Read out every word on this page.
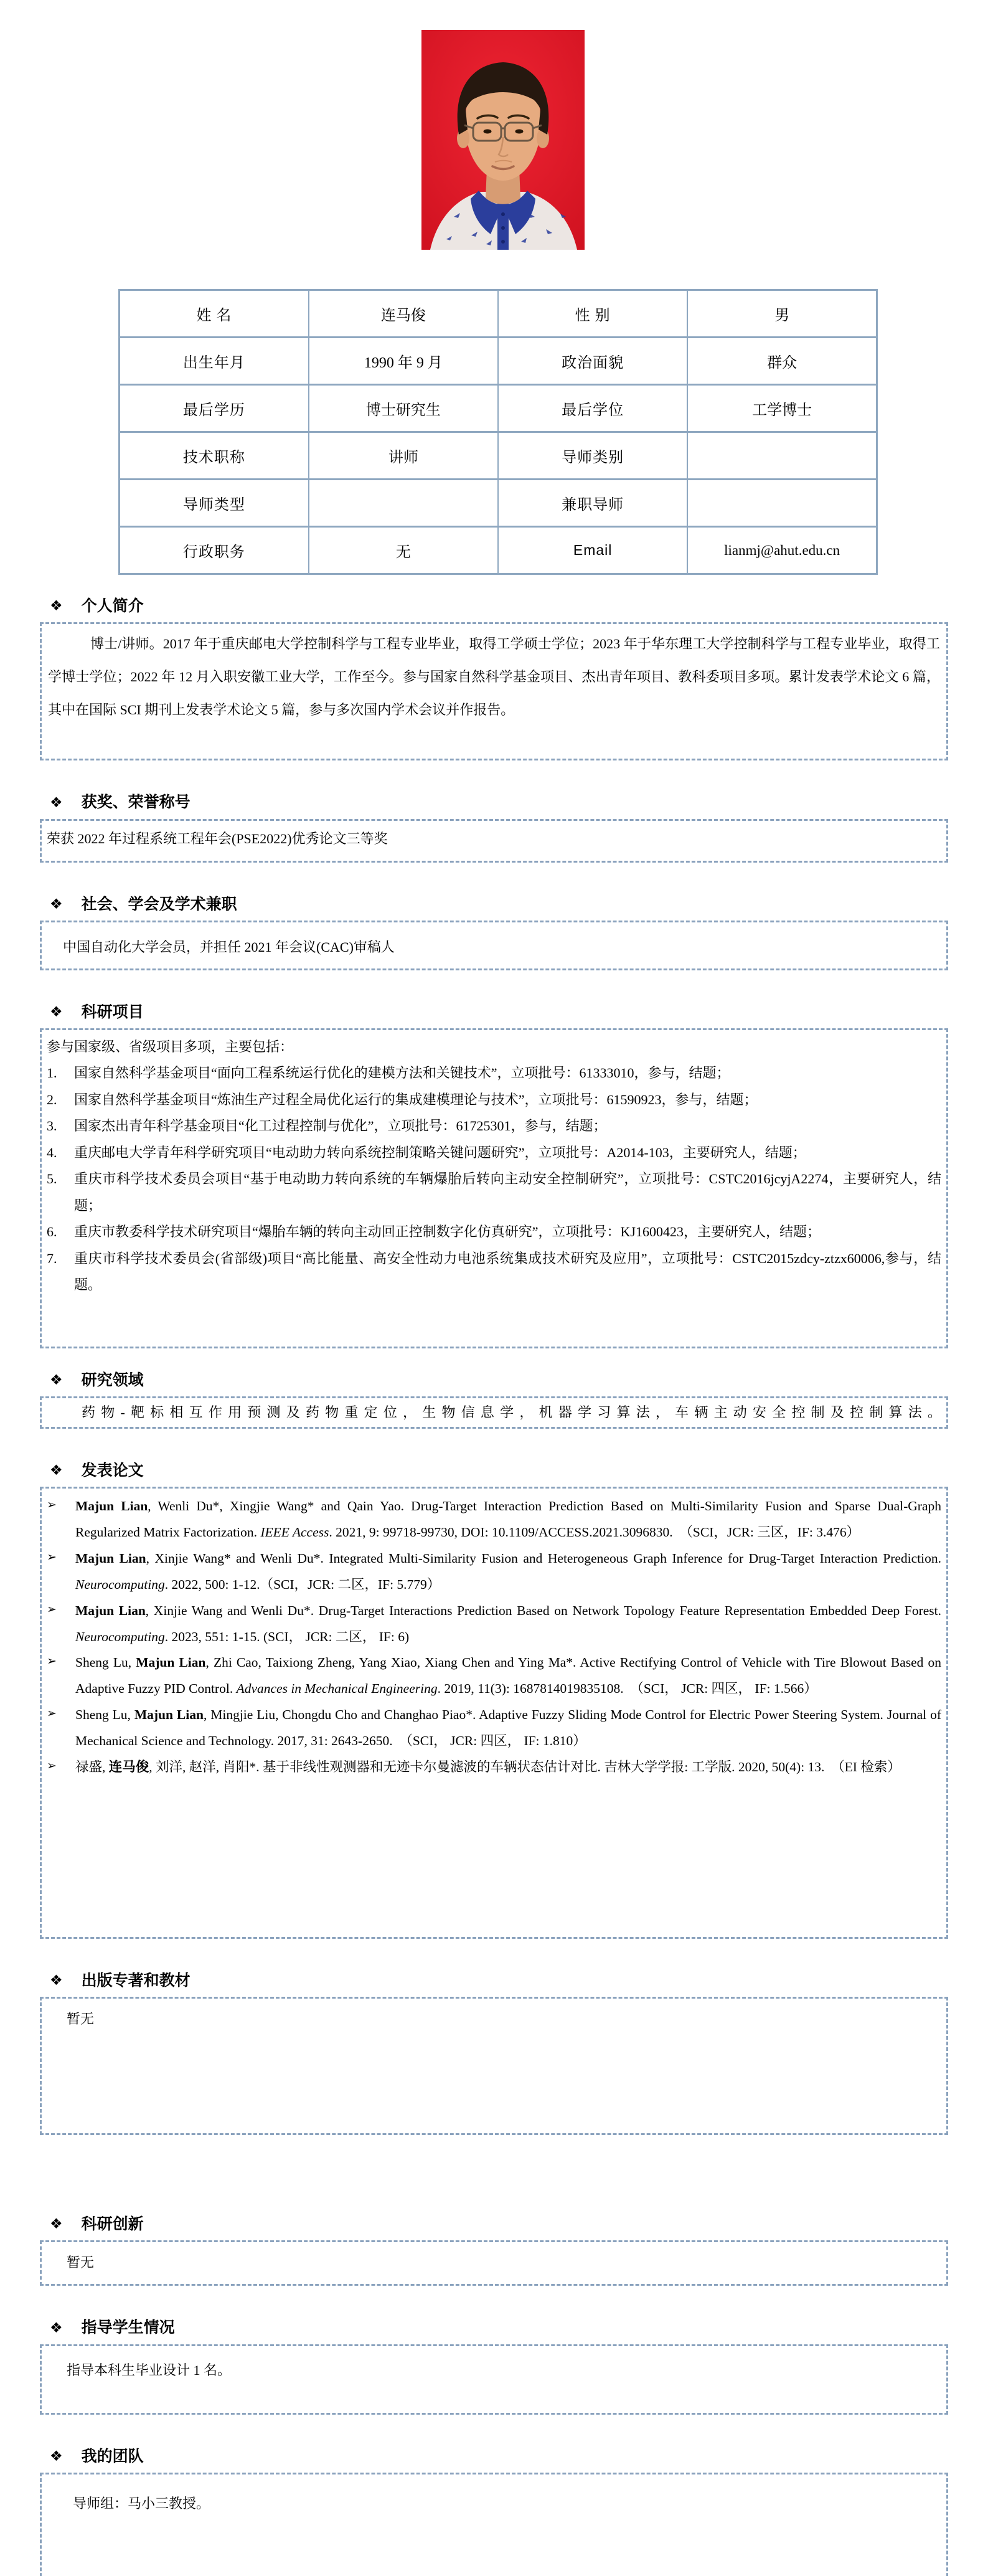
姓 名	连马俊	性 别	男
出生年月	1990 年 9 月	政治面貌	群众
最后学历	博士研究生	最后学位	工学博士
技术职称	讲师	导师类别	
导师类型		兼职导师	
行政职务	无	Email	lianmj@ahut.edu.cn
❖ 个人简介

博士/讲师。2017 年于重庆邮电大学控制科学与工程专业毕业，取得工学硕士学位；2023 年于华东理工大学控制科学与工程专业毕业，取得工学博士学位；2022 年 12 月入职安徽工业大学，工作至今。参与国家自然科学基金项目、杰出青年项目、教科委项目多项。累计发表学术论文 6 篇，其中在国际 SCI 期刊上发表学术论文 5 篇，参与多次国内学术会议并作报告。

❖ 获奖、荣誉称号

荣获 2022 年过程系统工程年会(PSE2022)优秀论文三等奖

❖ 社会、学会及学术兼职

中国自动化大学会员，并担任 2021 年会议(CAC)审稿人

❖ 科研项目

参与国家级、省级项目多项，主要包括：

1.	国家自然科学基金项目“面向工程系统运行优化的建模方法和关键技术”，立项批号：61333010，参与，结题；
2.	国家自然科学基金项目“炼油生产过程全局优化运行的集成建模理论与技术”，立项批号：61590923，参与，结题；
3.	国家杰出青年科学基金项目“化工过程控制与优化”，立项批号：61725301，参与，结题；
4.	重庆邮电大学青年科学研究项目“电动助力转向系统控制策略关键问题研究”，立项批号：A2014-103，主要研究人，结题；
5.	重庆市科学技术委员会项目“基于电动助力转向系统的车辆爆胎后转向主动安全控制研究”，立项批号：CSTC2016jcyjA2274，主要研究人，结题；
6.	重庆市教委科学技术研究项目“爆胎车辆的转向主动回正控制数字化仿真研究”，立项批号：KJ1600423，主要研究人，结题；
7.	重庆市科学技术委员会(省部级)项目“高比能量、高安全性动力电池系统集成技术研究及应用”，立项批号：CSTC2015zdcy-ztzx60006,参与，结题。
❖ 研究领域

药物-靶标相互作用预测及药物重定位，生物信息学，机器学习算法，车辆主动安全控制及控制算法。

❖ 发表论文
➢	Majun Lian, Wenli Du*, Xingjie Wang* and Qain Yao. Drug-Target Interaction Prediction Based on Multi-Similarity Fusion and Sparse Dual-Graph Regularized Matrix Factorization. IEEE Access. 2021, 9: 99718-99730, DOI: 10.1109/ACCESS.2021.3096830.　（SCI，JCR: 三区，IF: 3.476）
➢	Majun Lian, Xinjie Wang* and Wenli Du*. Integrated Multi-Similarity Fusion and Heterogeneous Graph Inference for Drug-Target Interaction Prediction. Neurocomputing. 2022, 500: 1-12.（SCI，JCR: 二区，IF: 5.779）
➢	Majun Lian, Xinjie Wang and Wenli Du*. Drug-Target Interactions Prediction Based on Network Topology Feature Representation Embedded Deep Forest. Neurocomputing. 2023, 551: 1-15. (SCI， JCR: 二区， IF: 6)
➢	Sheng Lu, Majun Lian, Zhi Cao, Taixiong Zheng, Yang Xiao, Xiang Chen and Ying Ma*. Active Rectifying Control of Vehicle with Tire Blowout Based on Adaptive Fuzzy PID Control. Advances in Mechanical Engineering. 2019, 11(3): 1687814019835108.　（SCI， JCR: 四区， IF: 1.566）
➢	Sheng Lu, Majun Lian, Mingjie Liu, Chongdu Cho and Changhao Piao*. Adaptive Fuzzy Sliding Mode Control for Electric Power Steering System. Journal of Mechanical Science and Technology. 2017, 31: 2643-2650.　（SCI， JCR: 四区， IF: 1.810）
➢	禄盛, 连马俊, 刘洋, 赵洋, 肖阳*. 基于非线性观测器和无迹卡尔曼滤波的车辆状态估计对比. 吉林大学学报: 工学版. 2020, 50(4): 13.　（EI 检索）
❖ 出版专著和教材

暂无

❖ 科研创新

暂无

❖ 指导学生情况

指导本科生毕业设计 1 名。

❖ 我的团队

导师组：马小三教授。
